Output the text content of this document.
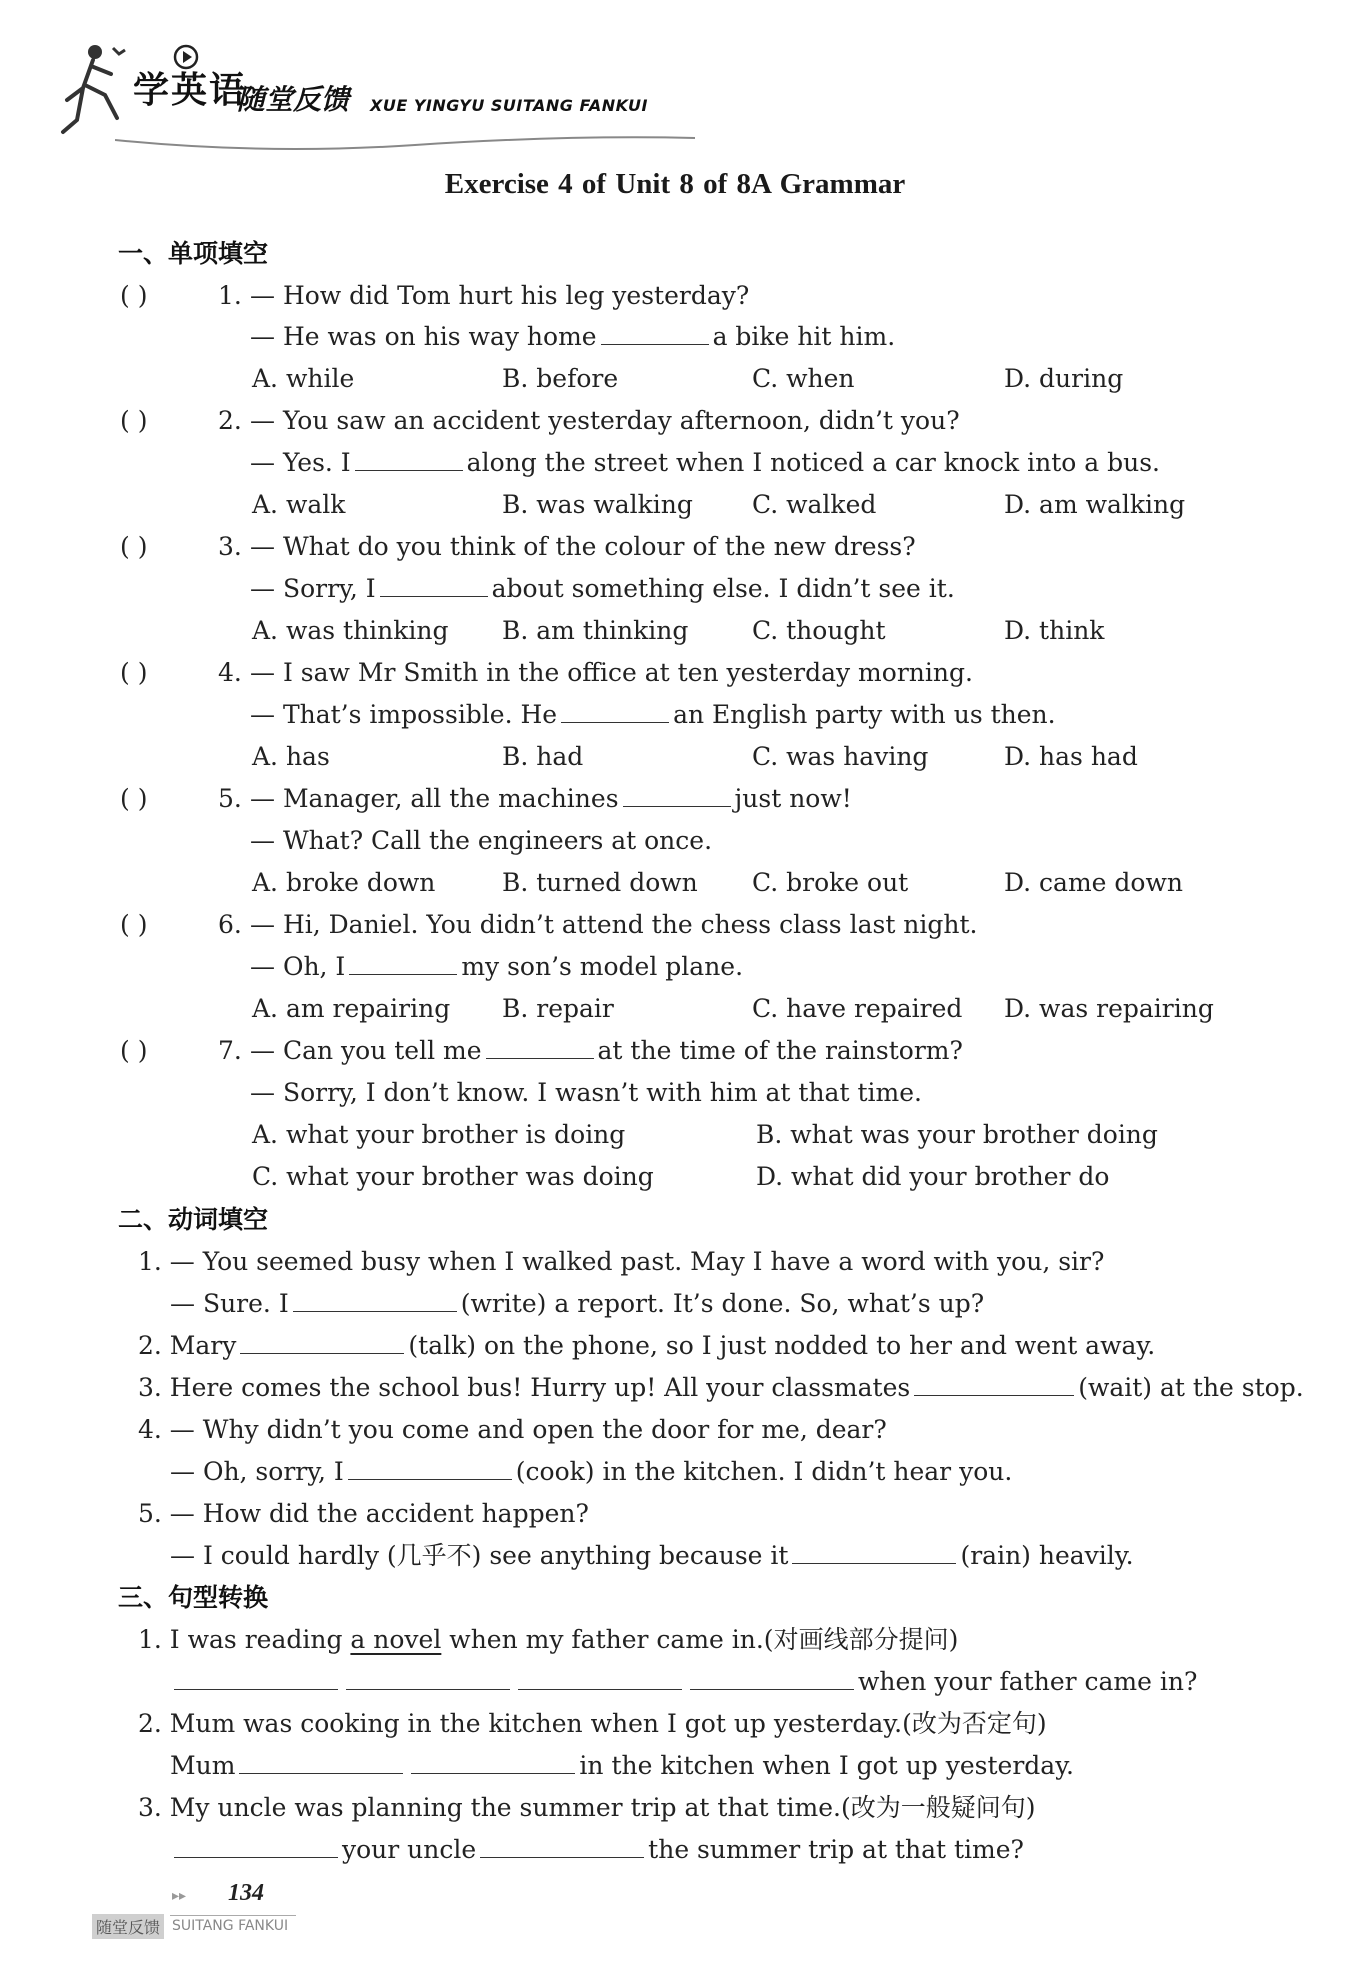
学英语
随堂反馈 XUE YINGYU SUITANG FANKUI
Exercise 4 of Unit 8 of 8A Grammar
一、单项填空
( )	1. — How did Tom hurt his leg yesterday?
— He was on his way home	a bike hit him.
A. while	B. before	C. when	D. during
( )	2. — You saw an accident yesterday afternoon, didn’t you?
— Yes. I	along the street when I noticed a car knock into a bus.
A. walk	B. was walking C. walked	D. am walking
( )	3. — What do you think of the colour of the new dress?
— Sorry, I	about something else. I didn’t see it.
A. was thinking B. am thinking	C. thought	D. think
( )	4. — I saw Mr Smith in the office at ten yesterday morning.
— That’s impossible. He	an English party with us then.
A. has	B. had	C. was having	D. has had
( )	5. — Manager, all the machines	just now!
— What? Call the engineers at once.
A. broke down	B. turned down C. broke out	D. came down
( )	6. — Hi, Daniel. You didn’t attend the chess class last night.
— Oh, I	my son’s model plane.
A. am repairing B. repair	C. have repaired D. was repairing
( )	7. — Can you tell me	at the time of the rainstorm?
— Sorry, I don’t know. I wasn’t with him at that time.
A. what your brother is doing	B. what was your brother doing
C. what your brother was doing	D. what did your brother do
二、动词填空
1. — You seemed busy when I walked past. May I have a word with you, sir?
— Sure. I	(write) a report. It’s done. So, what’s up?
2. Mary	(talk) on the phone, so I just nodded to her and went away.
3. Here comes the school bus! Hurry up! All your classmates	(wait) at the stop.
4. — Why didn’t you come and open the door for me, dear?
— Oh, sorry, I	(cook) in the kitchen. I didn’t hear you.
5. — How did the accident happen?
— I could hardly (几乎不) see anything because it	(rain) heavily.
三、句型转换
1. I was reading a novel when my father came in.(对画线部分提问)
when your father came in?
2. Mum was cooking in the kitchen when I got up yesterday.(改为否定句)
Mum	in the kitchen when I got up yesterday.
3. My uncle was planning the summer trip at that time.(改为一般疑问句)
your uncle	the summer trip at that time?
▸▸ 134
随堂反馈 SUITANG FANKUI
